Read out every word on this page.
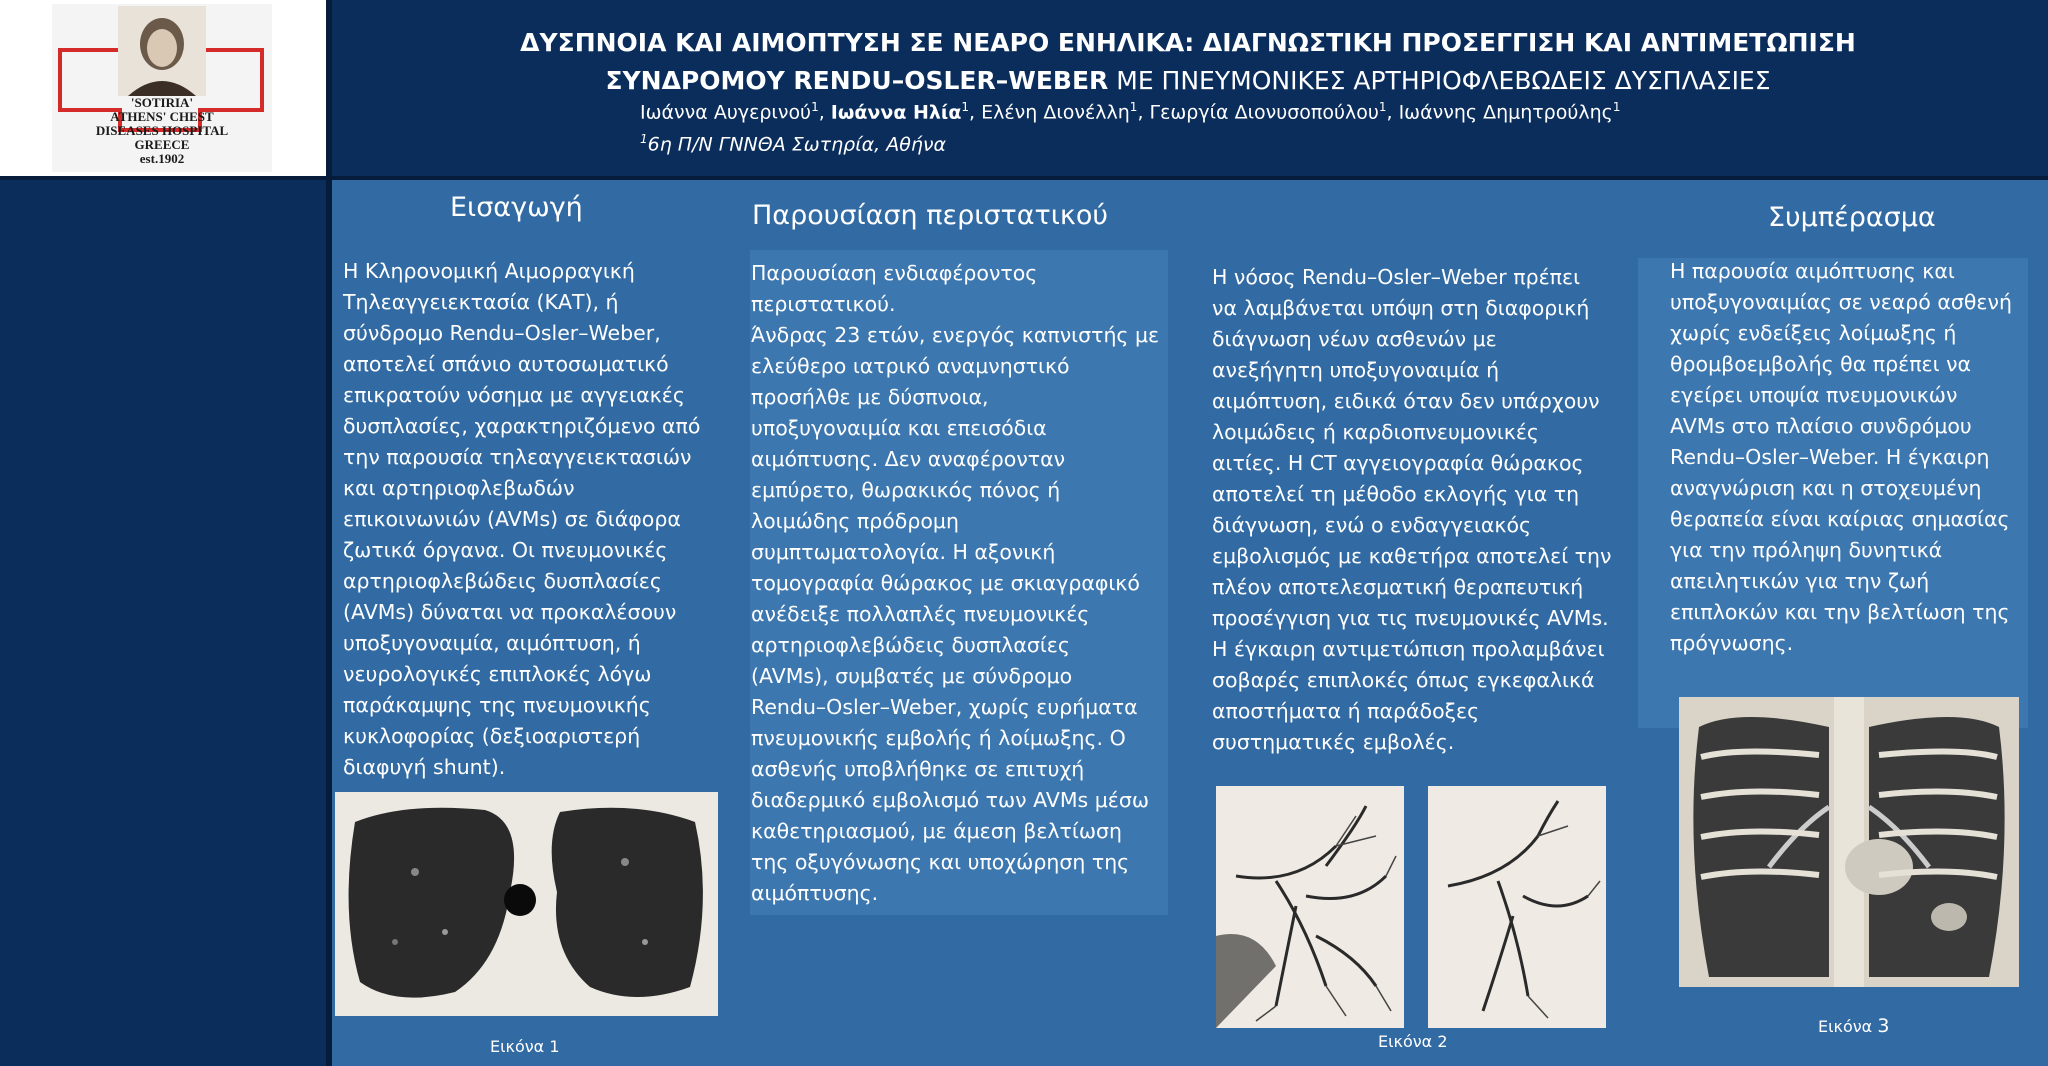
'SOTIRIA'
ATHENS' CHEST
DISEASES HOSPITAL
GREECE
est.1902
ΔΥΣΠΝΟΙΑ ΚΑΙ ΑΙΜΟΠΤΥΣΗ ΣΕ ΝΕΑΡΟ ΕΝΗΛΙΚΑ: ΔΙΑΓΝΩΣΤΙΚΗ ΠΡΟΣΕΓΓΙΣΗ ΚΑΙ ΑΝΤΙΜΕΤΩΠΙΣΗ
ΣΥΝΔΡΟΜΟΥ RENDU–OSLER–WEBER ΜΕ ΠΝΕΥΜΟΝΙΚΕΣ ΑΡΤΗΡΙΟΦΛΕΒΩΔΕΙΣ ΔΥΣΠΛΑΣΙΕΣ
Ιωάννα Αυγερινού$^1$, Ιωάννα Ηλία$^1$, Ελένη Διονέλλη$^1$, Γεωργία Διονυσοπούλου$^1$, Ιωάννης Δημητρούλης$^1$
$^1$6η Π/Ν ΓΝΝΘΑ Σωτηρία, Αθήνα
Εισαγωγή	Παρουσίαση περιστατικού	Συμπέρασμα
Η Κληρονομική Αιμορραγική
Τηλεαγγειεκτασία (ΚΑΤ), ή
σύνδρομο Rendu–Osler–Weber,
αποτελεί σπάνιο αυτοσωματικό
επικρατούν νόσημα με αγγειακές
δυσπλασίες, χαρακτηριζόμενο από
την παρουσία τηλεαγγειεκτασιών
και αρτηριοφλεβωδών
επικοινωνιών (AVMs) σε διάφορα
ζωτικά όργανα. Οι πνευμονικές
αρτηριοφλεβώδεις δυσπλασίες
(AVMs) δύναται να προκαλέσουν
υποξυγοναιμία, αιμόπτυση, ή
νευρολογικές επιπλοκές λόγω
παράκαμψης της πνευμονικής
κυκλοφορίας (δεξιοαριστερή
διαφυγή shunt).
Παρουσίαση ενδιαφέροντος
περιστατικού.
Άνδρας 23 ετών, ενεργός καπνιστής με
ελεύθερο ιατρικό αναμνηστικό
προσήλθε με δύσπνοια,
υποξυγοναιμία και επεισόδια
αιμόπτυσης. Δεν αναφέρονταν
εμπύρετο, θωρακικός πόνος ή
λοιμώδης πρόδρομη
συμπτωματολογία. Η αξονική
τομογραφία θώρακος με σκιαγραφικό
ανέδειξε πολλαπλές πνευμονικές
αρτηριοφλεβώδεις δυσπλασίες
(AVMs), συμβατές με σύνδρομο
Rendu–Osler–Weber, χωρίς ευρήματα
πνευμονικής εμβολής ή λοίμωξης. Ο
ασθενής υποβλήθηκε σε επιτυχή
διαδερμικό εμβολισμό των AVMs μέσω
καθετηριασμού, με άμεση βελτίωση
της οξυγόνωσης και υποχώρηση της
αιμόπτυσης.
Η νόσος Rendu–Osler–Weber πρέπει
να λαμβάνεται υπόψη στη διαφορική
διάγνωση νέων ασθενών με
ανεξήγητη υποξυγοναιμία ή
αιμόπτυση, ειδικά όταν δεν υπάρχουν
λοιμώδεις ή καρδιοπνευμονικές
αιτίες. Η CT αγγειογραφία θώρακος
αποτελεί τη μέθοδο εκλογής για τη
διάγνωση, ενώ ο ενδαγγειακός
εμβολισμός με καθετήρα αποτελεί την
πλέον αποτελεσματική θεραπευτική
προσέγγιση για τις πνευμονικές AVMs.
Η έγκαιρη αντιμετώπιση προλαμβάνει
σοβαρές επιπλοκές όπως εγκεφαλικά
αποστήματα ή παράδοξες
συστηματικές εμβολές.
Η παρουσία αιμόπτυσης και
υποξυγοναιμίας σε νεαρό ασθενή
χωρίς ενδείξεις λοίμωξης ή
θρομβοεμβολής θα πρέπει να
εγείρει υποψία πνευμονικών
AVMs στο πλαίσιο συνδρόμου
Rendu–Osler–Weber. Η έγκαιρη
αναγνώριση και η στοχευμένη
θεραπεία είναι καίριας σημασίας
για την πρόληψη δυνητικά
απειλητικών για την ζωή
επιπλοκών και την βελτίωση της
πρόγνωσης.
Εικόνα 1	Εικόνα 2
Εικόνα 3
